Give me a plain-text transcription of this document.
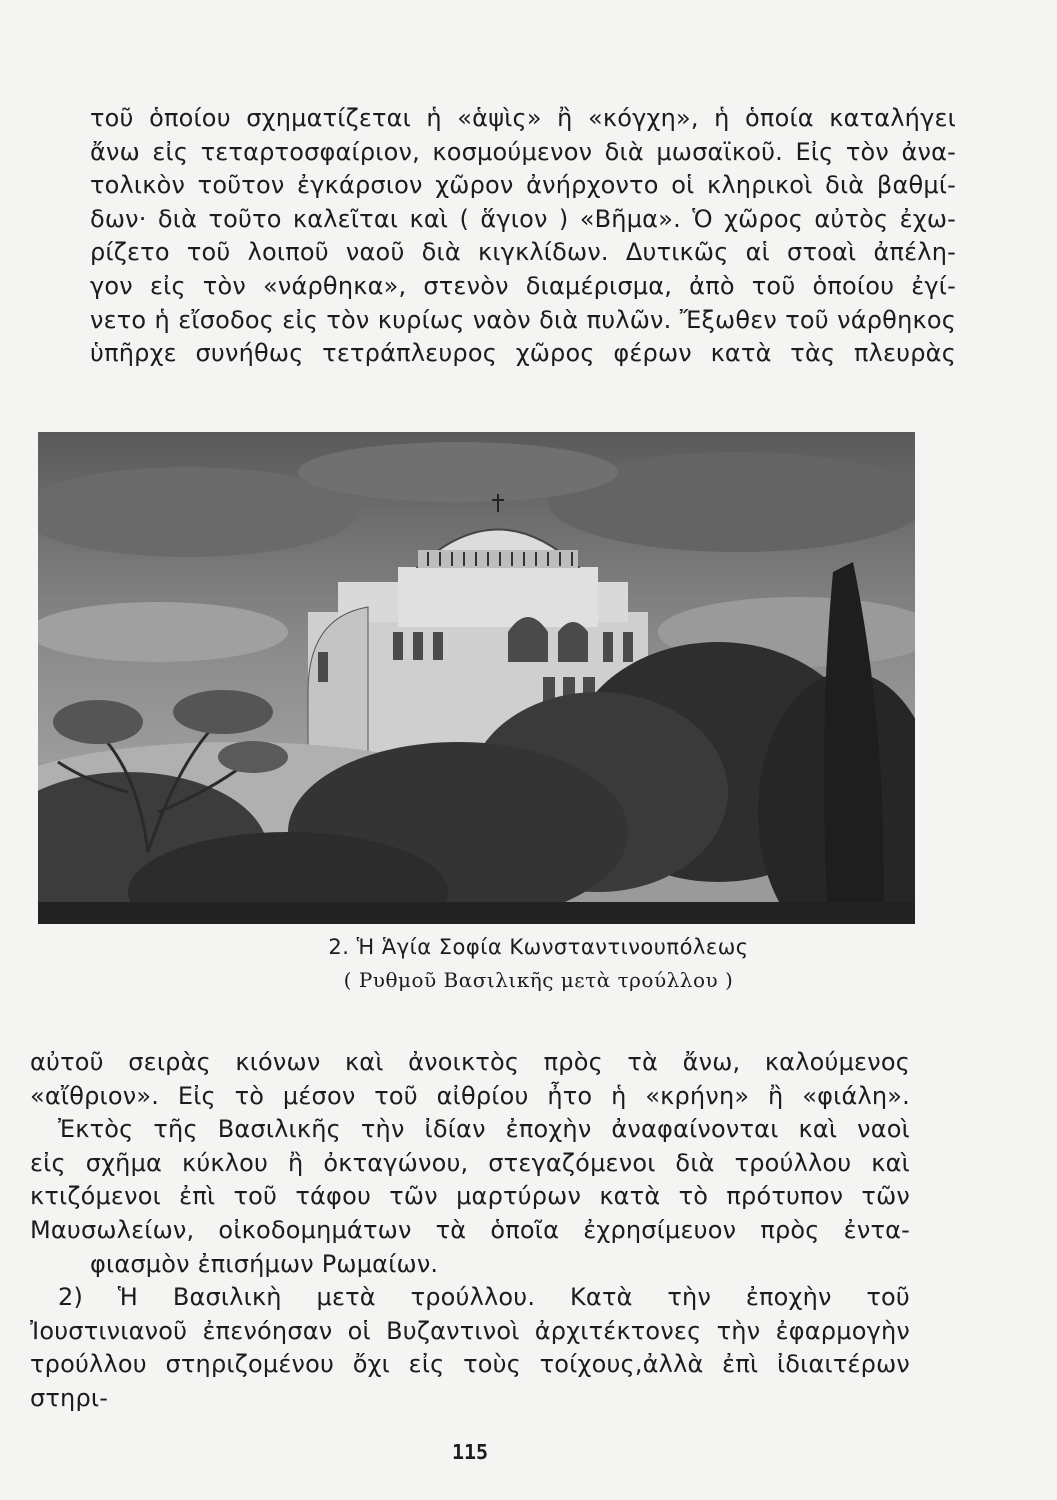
τοῦ ὁποίου σχηματίζεται ἡ «ἁψὶς» ἢ «κόγχη», ἡ ὁποία καταλήγει
ἄνω εἰς τεταρτοσφαίριον, κοσμούμενον διὰ μωσαϊκοῦ. Εἰς τὸν ἀνα-
τολικὸν τοῦτον ἐγκάρσιον χῶρον ἀνήρχοντο οἱ κληρικοὶ διὰ βαθμί-
δων· διὰ τοῦτο καλεῖται καὶ ( ἅγιον ) «Βῆμα». Ὁ χῶρος αὐτὸς ἐχω-
ρίζετο τοῦ λοιποῦ ναοῦ διὰ κιγκλίδων. Δυτικῶς αἱ στοαὶ ἀπέλη-
γον εἰς τὸν «νάρθηκα», στενὸν διαμέρισμα, ἀπὸ τοῦ ὁποίου ἐγί-
νετο ἡ εἴσοδος εἰς τὸν κυρίως ναὸν διὰ πυλῶν. Ἔξωθεν τοῦ νάρθηκος
ὑπῆρχε συνήθως τετράπλευρος χῶρος φέρων κατὰ τὰς πλευρὰς
2. Ἡ Ἁγία Σοφία Κωνσταντινουπόλεως
( Ρυθμοῦ Βασιλικῆς μετὰ τρούλλου )
αὐτοῦ σειρὰς κιόνων καὶ ἀνοικτὸς πρὸς τὰ ἄνω, καλούμενος
«αἴθριον». Εἰς τὸ μέσον τοῦ αἰθρίου ἦτο ἡ «κρήνη» ἢ «φιάλη».
Ἐκτὸς τῆς Βασιλικῆς τὴν ἰδίαν ἐποχὴν ἀναφαίνονται καὶ ναοὶ
εἰς σχῆμα κύκλου ἢ ὀκταγώνου, στεγαζόμενοι διὰ τρούλλου καὶ
κτιζόμενοι ἐπὶ τοῦ τάφου τῶν μαρτύρων κατὰ τὸ πρότυπον τῶν
Μαυσωλείων, οἰκοδομημάτων τὰ ὁποῖα ἐχρησίμευον πρὸς ἐντα-
φιασμὸν ἐπισήμων Ρωμαίων.
2) Ἡ Βασιλικὴ μετὰ τρούλλου. Κατὰ τὴν ἐποχὴν τοῦ
Ἰουστινιανοῦ ἐπενόησαν οἱ Βυζαντινοὶ ἀρχιτέκτονες τὴν ἐφαρμογὴν
τρούλλου στηριζομένου ὄχι εἰς τοὺς τοίχους,ἀλλὰ ἐπὶ ἰδιαιτέρων στηρι-
115
